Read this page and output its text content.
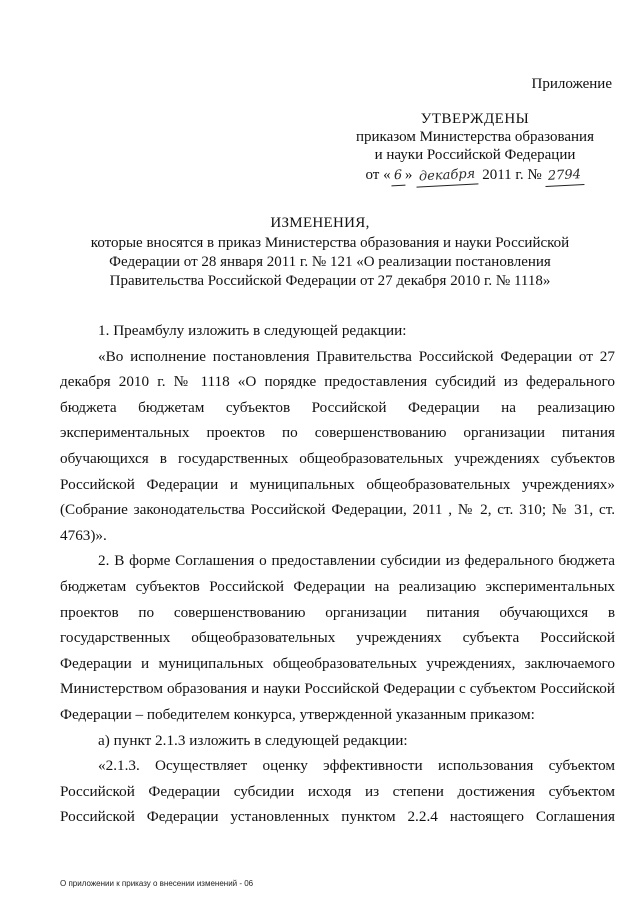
Приложение
УТВЕРЖДЕНЫ
приказом Министерства образования
и науки Российской Федерации
от « 6 » декабря 2011 г. № 2794
ИЗМЕНЕНИЯ,
которые вносятся в приказ Министерства образования и науки Российской
Федерации от 28 января 2011 г. № 121 «О реализации постановления
Правительства Российской Федерации от 27 декабря 2010 г. № 1118»

1. Преамбулу изложить в следующей редакции:

«Во исполнение постановления Правительства Российской Федерации от 27 декабря 2010 г. № 1118 «О порядке предоставления субсидий из федерального бюджета бюджетам субъектов Российской Федерации на реализацию экспериментальных проектов по совершенствованию организации питания обучающихся в государственных общеобразовательных учреждениях субъектов Российской Федерации и муниципальных общеобразовательных учреждениях» (Собрание законодательства Российской Федерации, 2011 , № 2, ст. 310; № 31, ст. 4763)».

2. В форме Соглашения о предоставлении субсидии из федерального бюджета бюджетам субъектов Российской Федерации на реализацию экспериментальных проектов по совершенствованию организации питания обучающихся в государственных общеобразовательных учреждениях субъекта Российской Федерации и муниципальных общеобразовательных учреждениях, заключаемого Министерством образования и науки Российской Федерации с субъектом Российской Федерации – победителем конкурса, утвержденной указанным приказом:

а) пункт 2.1.3 изложить в следующей редакции:

«2.1.3. Осуществляет оценку эффективности использования субъектом Российской Федерации субсидии исходя из степени достижения субъектом Российской Федерации установленных пунктом 2.2.4 настоящего Соглашения

О приложении к приказу о внесении изменений - 06
